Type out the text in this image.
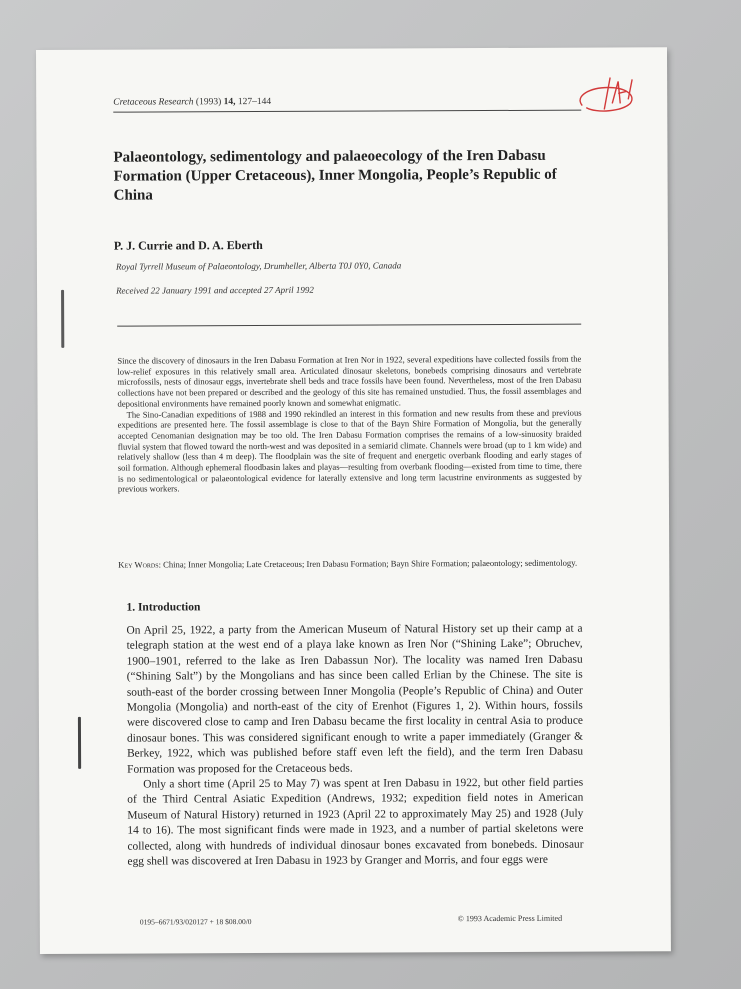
Cretaceous Research (1993) 14, 127–144
Palaeontology, sedimentology and palaeoecology of the Iren Dabasu Formation (Upper Cretaceous), Inner Mongolia, People’s Republic of China
P. J. Currie and D. A. Eberth
Royal Tyrrell Museum of Palaeontology, Drumheller, Alberta T0J 0Y0, Canada
Received 22 January 1991 and accepted 27 April 1992

Since the discovery of dinosaurs in the Iren Dabasu Formation at Iren Nor in 1922, several expeditions have collected fossils from the low-relief exposures in this relatively small area. Articulated dinosaur skeletons, bonebeds comprising dinosaurs and vertebrate microfossils, nests of dinosaur eggs, invertebrate shell beds and trace fossils have been found. Nevertheless, most of the Iren Dabasu collections have not been prepared or described and the geology of this site has remained unstudied. Thus, the fossil assemblages and depositional environments have remained poorly known and somewhat enigmatic.

The Sino-Canadian expeditions of 1988 and 1990 rekindled an interest in this formation and new results from these and previous expeditions are presented here. The fossil assemblage is close to that of the Bayn Shire Formation of Mongolia, but the generally accepted Cenomanian designation may be too old. The Iren Dabasu Formation comprises the remains of a low-sinuosity braided fluvial system that flowed toward the north-west and was deposited in a semiarid climate. Channels were broad (up to 1 km wide) and relatively shallow (less than 4 m deep). The floodplain was the site of frequent and energetic overbank flooding and early stages of soil formation. Although ephemeral floodbasin lakes and playas—resulting from overbank flooding—existed from time to time, there is no sedimentological or palaeontological evidence for laterally extensive and long term lacustrine environments as suggested by previous workers.

Key Words: China; Inner Mongolia; Late Cretaceous; Iren Dabasu Formation; Bayn Shire Formation; palaeontology; sedimentology.
1. Introduction

On April 25, 1922, a party from the American Museum of Natural History set up their camp at a telegraph station at the west end of a playa lake known as Iren Nor (“Shining Lake”; Obruchev, 1900–1901, referred to the lake as Iren Dabassun Nor). The locality was named Iren Dabasu (“Shining Salt”) by the Mongolians and has since been called Erlian by the Chinese. The site is south-east of the border crossing between Inner Mongolia (People’s Republic of China) and Outer Mongolia (Mongolia) and north-east of the city of Erenhot (Figures 1, 2). Within hours, fossils were discovered close to camp and Iren Dabasu became the first locality in central Asia to produce dinosaur bones. This was considered significant enough to write a paper immediately (Granger & Berkey, 1922, which was published before staff even left the field), and the term Iren Dabasu Formation was proposed for the Cretaceous beds.

Only a short time (April 25 to May 7) was spent at Iren Dabasu in 1922, but other field parties of the Third Central Asiatic Expedition (Andrews, 1932; expedition field notes in American Museum of Natural History) returned in 1923 (April 22 to approximately May 25) and 1928 (July 14 to 16). The most significant finds were made in 1923, and a number of partial skeletons were collected, along with hundreds of individual dinosaur bones excavated from bonebeds. Dinosaur egg shell was discovered at Iren Dabasu in 1923 by Granger and Morris, and four eggs were

0195–6671/93/020127 + 18 $08.00/0	© 1993 Academic Press Limited
